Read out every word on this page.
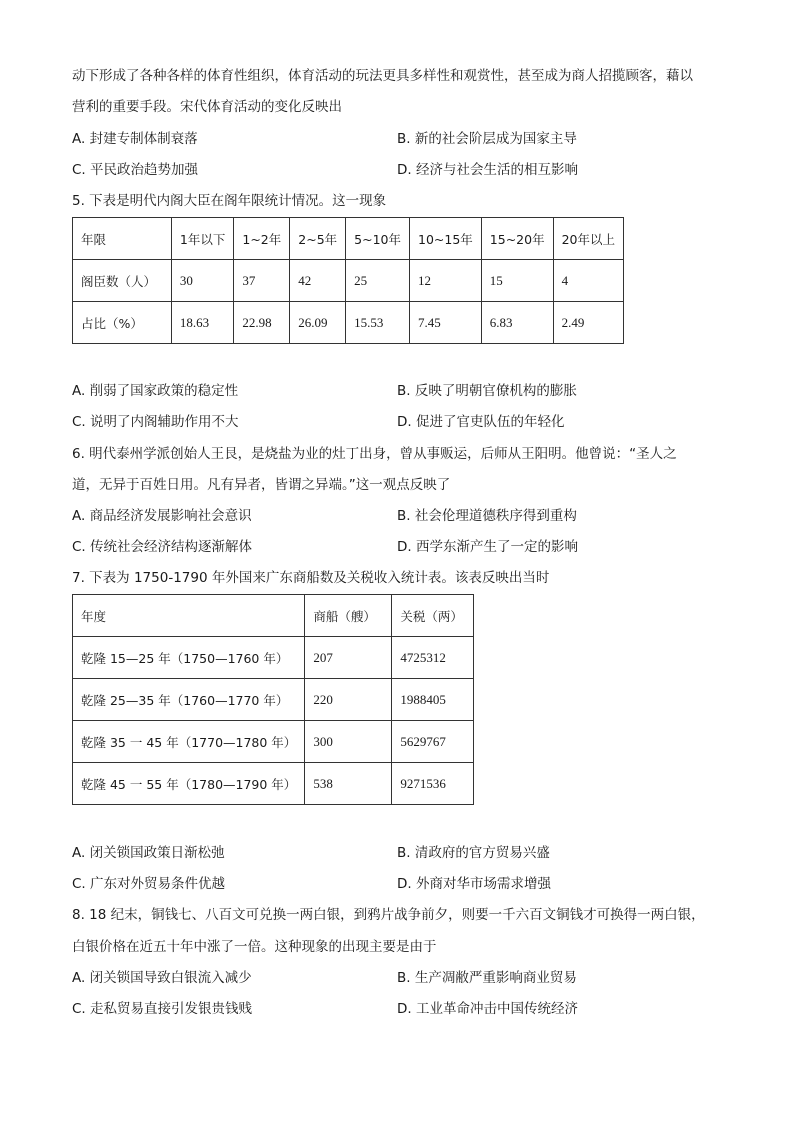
动下形成了各种各样的体育性组织，体育活动的玩法更具多样性和观赏性，甚至成为商人招揽顾客，藉以
营利的重要手段。宋代体育活动的变化反映出
A. 封建专制体制衰落	B. 新的社会阶层成为国家主导
C. 平民政治趋势加强	D. 经济与社会生活的相互影响
5. 下表是明代内阁大臣在阁年限统计情况。这一现象
年限	1年以下	1~2年	2~5年	5~10年	10~15年	15~20年	20年以上
阁臣数（人）	30	37	42	25	12	15	4
占比（%）	18.63	22.98	26.09	15.53	7.45	6.83	2.49
A. 削弱了国家政策的稳定性	B. 反映了明朝官僚机构的膨胀
C. 说明了内阁辅助作用不大	D. 促进了官吏队伍的年轻化
6. 明代泰州学派创始人王艮，是烧盐为业的灶丁出身，曾从事贩运，后师从王阳明。他曾说：“圣人之
道，无异于百姓日用。凡有异者，皆谓之异端。”这一观点反映了
A. 商品经济发展影响社会意识	B. 社会伦理道德秩序得到重构
C. 传统社会经济结构逐渐解体	D. 西学东渐产生了一定的影响
7. 下表为 1750-1790 年外国来广东商船数及关税收入统计表。该表反映出当时
年度	商船（艘）	关税（两）
乾隆 15—25 年（1750—1760 年）	207	4725312
乾隆 25—35 年（1760—1770 年）	220	1988405
乾隆 35 一 45 年（1770—1780 年）	300	5629767
乾隆 45 一 55 年（1780—1790 年）	538	9271536
A. 闭关锁国政策日渐松弛	B. 清政府的官方贸易兴盛
C. 广东对外贸易条件优越	D. 外商对华市场需求增强
8. 18 纪末，铜钱七、八百文可兑换一两白银，到鸦片战争前夕，则要一千六百文铜钱才可换得一两白银，
白银价格在近五十年中涨了一倍。这种现象的出现主要是由于
A. 闭关锁国导致白银流入减少	B. 生产凋敝严重影响商业贸易
C. 走私贸易直接引发银贵钱贱	D. 工业革命冲击中国传统经济
